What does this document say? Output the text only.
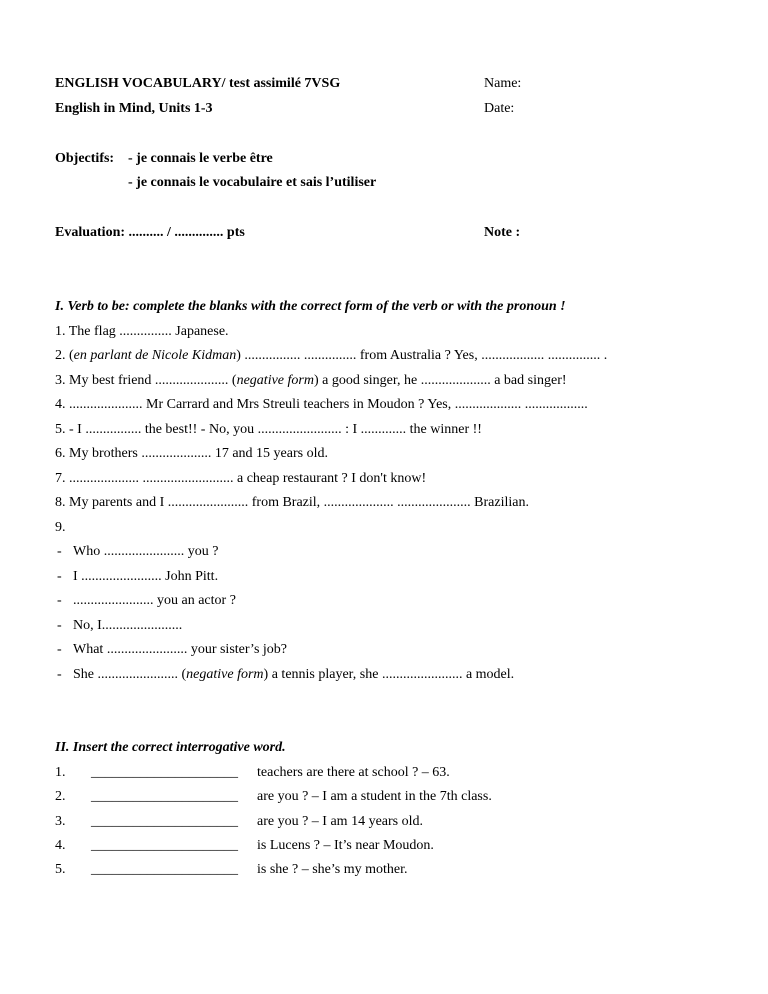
ENGLISH VOCABULARY/ test assimilé 7VSG	Name:
English in Mind, Units 1-3	Date:
Objectifs: - je connais le verbe être
- je connais le vocabulaire et sais l’utiliser
Evaluation: .......... / .............. pts	Note :
I. Verb to be: complete the blanks with the correct form of the verb or with the pronoun !
1. The flag ............... Japanese.
2. (en parlant de Nicole Kidman) ................ ............... from Australia ? Yes, .................. ............... .
3. My best friend ..................... (negative form) a good singer, he .................... a bad singer!
4. ..................... Mr Carrard and Mrs Streuli teachers in Moudon ? Yes, ................... ..................
5. - I ................ the best!! - No, you ........................ : I ............. the winner !!
6. My brothers .................... 17 and 15 years old.
7. .................... .......................... a cheap restaurant ? I don't know!
8. My parents and I ....................... from Brazil, .................... ..................... Brazilian.
9.
- Who ....................... you ?
- I ....................... John Pitt.
- ....................... you an actor ?
- No, I.......................
- What ....................... your sister’s job?
- She ....................... (negative form) a tennis player, she ....................... a model.
II. Insert the correct interrogative word.
1. _____________________ teachers are there at school ? – 63.
2. _____________________ are you ? – I am a student in the 7th class.
3. _____________________ are you ? – I am 14 years old.
4. _____________________ is Lucens ? – It’s near Moudon.
5. _____________________ is she ? – she’s my mother.
